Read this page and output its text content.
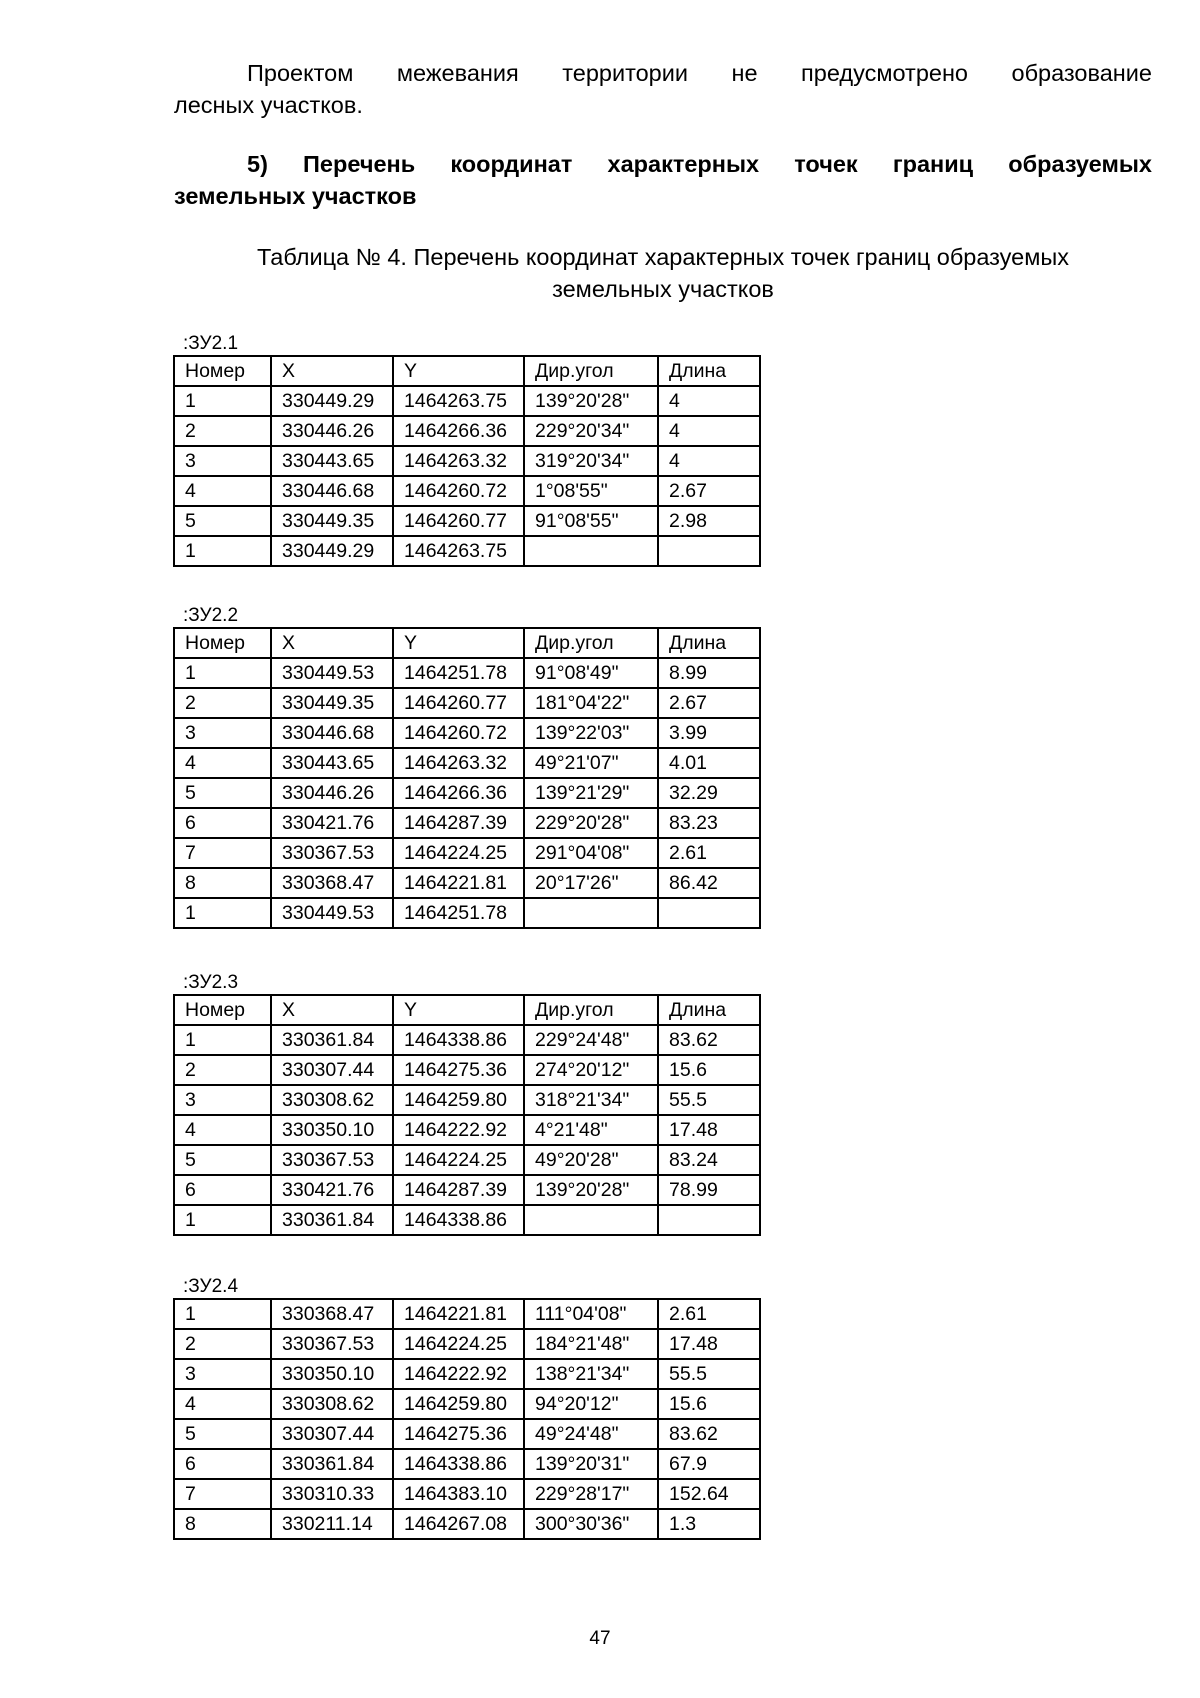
Проектом межевания территории не предусмотрено образование
лесных участков.

5) Перечень координат характерных точек границ образуемых
земельных участков

Таблица № 4. Перечень координат характерных точек границ образуемых
земельных участков

:ЗУ2.1
Номер	X	Y	Дир.угол	Длина
1	330449.29	1464263.75	139°20'28"	4
2	330446.26	1464266.36	229°20'34"	4
3	330443.65	1464263.32	319°20'34"	4
4	330446.68	1464260.72	1°08'55"	2.67
5	330449.35	1464260.77	91°08'55"	2.98
1	330449.29	1464263.75		
:ЗУ2.2
Номер	X	Y	Дир.угол	Длина
1	330449.53	1464251.78	91°08'49"	8.99
2	330449.35	1464260.77	181°04'22"	2.67
3	330446.68	1464260.72	139°22'03"	3.99
4	330443.65	1464263.32	49°21'07"	4.01
5	330446.26	1464266.36	139°21'29"	32.29
6	330421.76	1464287.39	229°20'28"	83.23
7	330367.53	1464224.25	291°04'08"	2.61
8	330368.47	1464221.81	20°17'26"	86.42
1	330449.53	1464251.78		
:ЗУ2.3
Номер	X	Y	Дир.угол	Длина
1	330361.84	1464338.86	229°24'48"	83.62
2	330307.44	1464275.36	274°20'12"	15.6
3	330308.62	1464259.80	318°21'34"	55.5
4	330350.10	1464222.92	4°21'48"	17.48
5	330367.53	1464224.25	49°20'28"	83.24
6	330421.76	1464287.39	139°20'28"	78.99
1	330361.84	1464338.86		
:ЗУ2.4
1	330368.47	1464221.81	111°04'08"	2.61
2	330367.53	1464224.25	184°21'48"	17.48
3	330350.10	1464222.92	138°21'34"	55.5
4	330308.62	1464259.80	94°20'12"	15.6
5	330307.44	1464275.36	49°24'48"	83.62
6	330361.84	1464338.86	139°20'31"	67.9
7	330310.33	1464383.10	229°28'17"	152.64
8	330211.14	1464267.08	300°30'36"	1.3
47
